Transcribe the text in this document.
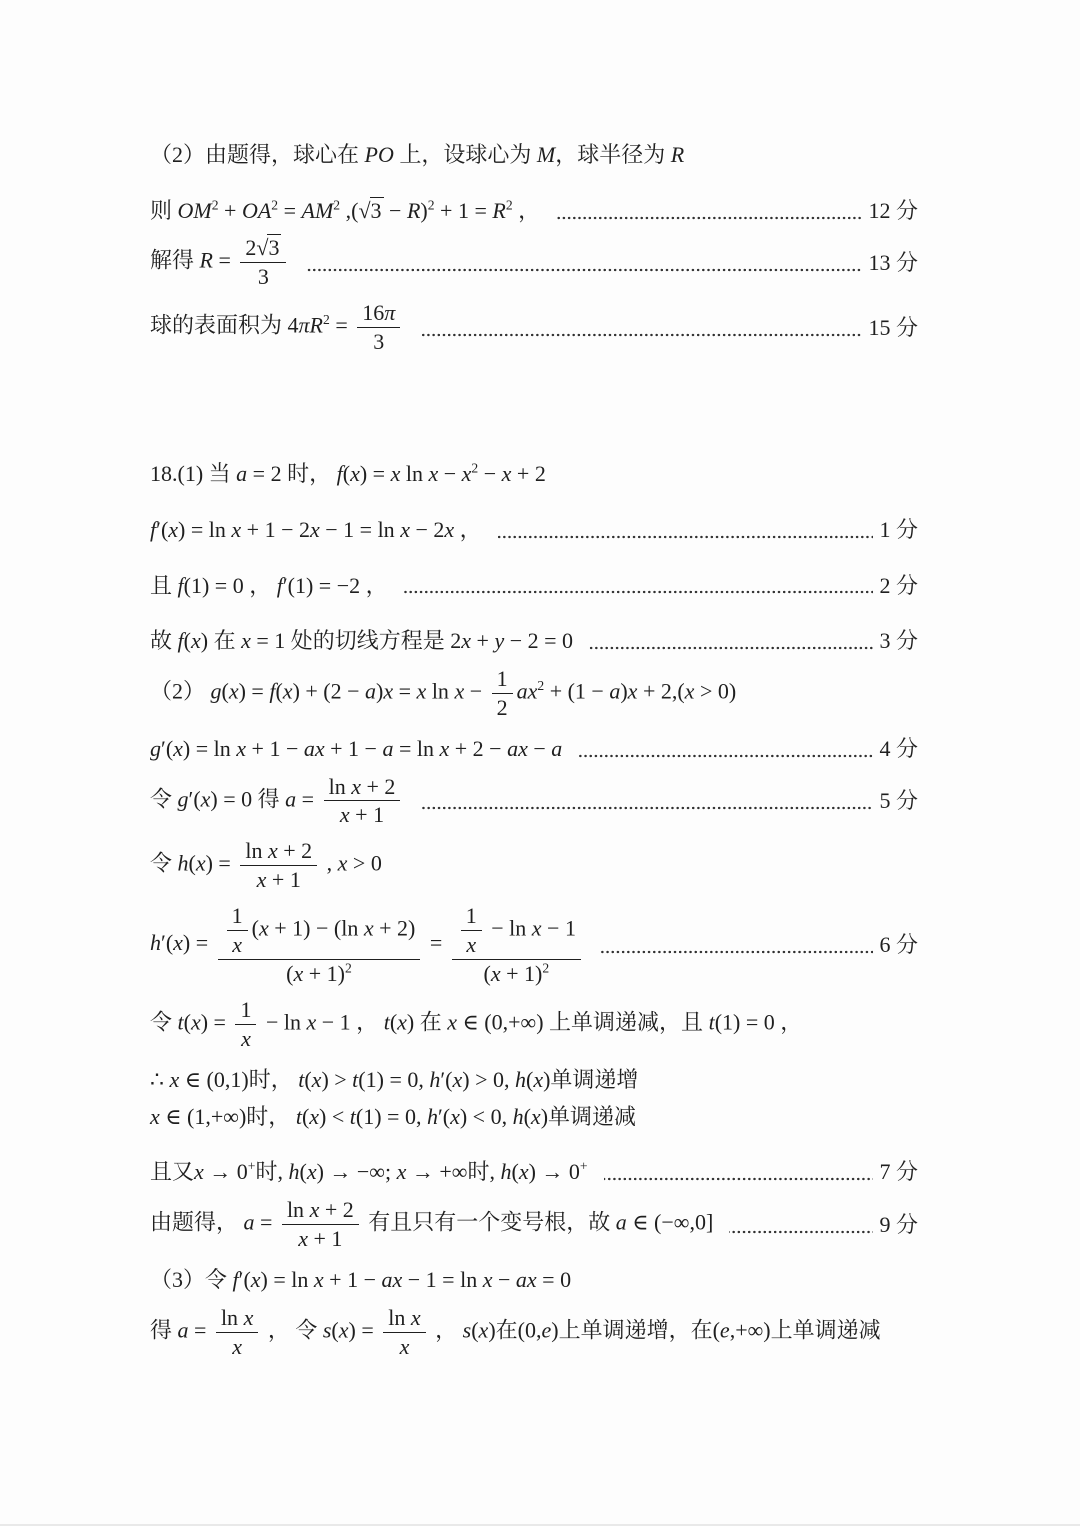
（2）由题得，球心在 PO 上，设球心为 M，球半径为 R
则 $OM^2 + OA^2 = AM^2$ $,(√3 - R)^2 + 1 = R^2$ ，	12 分
解得 $R = \frac{2√3}{3}$	13 分
球的表面积为 $4\pi R^2 = \frac{16\pi}{3}$	15 分
18.(1) 当 a = 2 时， f(x) = x $\ln x - x^2 - x + 2$
f′(x) = ln x + 1 − 2x − 1 = ln x − 2x ，	1 分
且 f(1) = 0 ， f′(1) = −2 ，	2 分
故 f(x) 在 x = 1 处的切线方程是 2x + y − 2 = 0	3 分
（2） g(x) = f(x) + (2 − a)x = x $\ln x - \frac{1}{2} ax^2 + (1 - a)x + 2,(x > 0)$
g′(x) = ln x + 1 − ax + 1 − a = ln x + 2 − ax − a	4 分
令 g′(x) = 0 得 $a = \frac{\text{ln x + 2}}{x + 1}$	5 分
令 $h(x) = \frac{\text{ln x + 2}}{x + 1}$ , x > 0
$h'(x) = \frac{\frac{1}{x} (x + 1) - (\ln x + 2)}{(x + 1)^2} = \frac{\frac{1}{x} - \ln x - 1}{(x + 1)^2}$	6 分
令 $t(x) = \frac{1}{x} - \ln x - 1$ ， t(x) 在 x ∈ (0,+∞) 上单调递减，且 t(1) = 0 ，
∴ x ∈ (0,1)时， t(x) > t(1) = 0, h′(x) > 0, h(x)单调递增
x ∈ (1,+∞)时， t(x) < t(1) = 0, h′(x) < 0, h(x)单调递减
且又x → 0+时, h(x) → −∞; x → +∞时, h(x) → 0+	7 分
由题得， $a = \frac{\text{ln x + 2}}{x + 1}$ 有且只有一个变号根，故 a ∈ (−∞,0]	9 分
（3）令 f′(x) = ln x + 1 − ax − 1 = ln x − ax = 0
得 $a = \frac{\text{ln x}}{x}$ ， 令 $s(x) = \frac{\text{ln x}}{x}$ ， s(x)在(0,e)上单调递增，在(e,+∞)上单调递减
